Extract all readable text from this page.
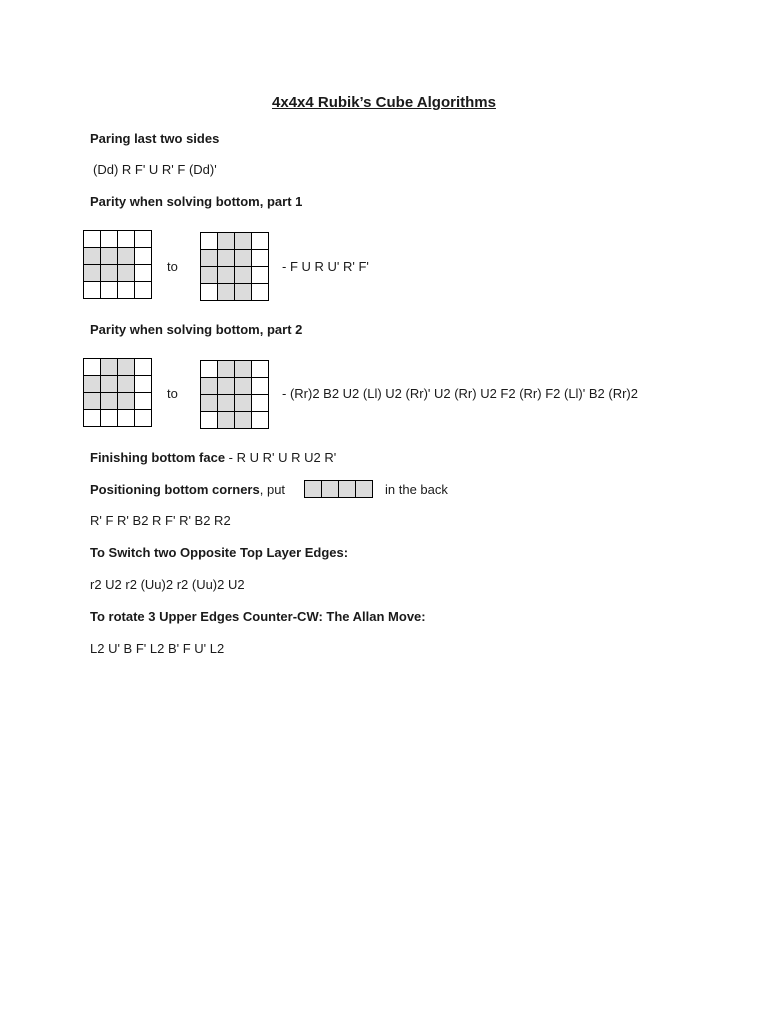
4x4x4 Rubik’s Cube Algorithms
Paring last two sides
(Dd) R F' U R' F (Dd)'
Parity when solving bottom, part 1
to	- F U R U' R' F'
Parity when solving bottom, part 2
to	- (Rr)2 B2 U2 (Ll) U2 (Rr)' U2 (Rr) U2 F2 (Rr) F2 (Ll)' B2 (Rr)2
Finishing bottom face - R U R' U R U2 R'
Positioning bottom corners, put	in the back
R' F R' B2 R F' R' B2 R2
To Switch two Opposite Top Layer Edges:
r2 U2 r2 (Uu)2 r2 (Uu)2 U2
To rotate 3 Upper Edges Counter-CW: The Allan Move:
L2 U' B F' L2 B' F U' L2
